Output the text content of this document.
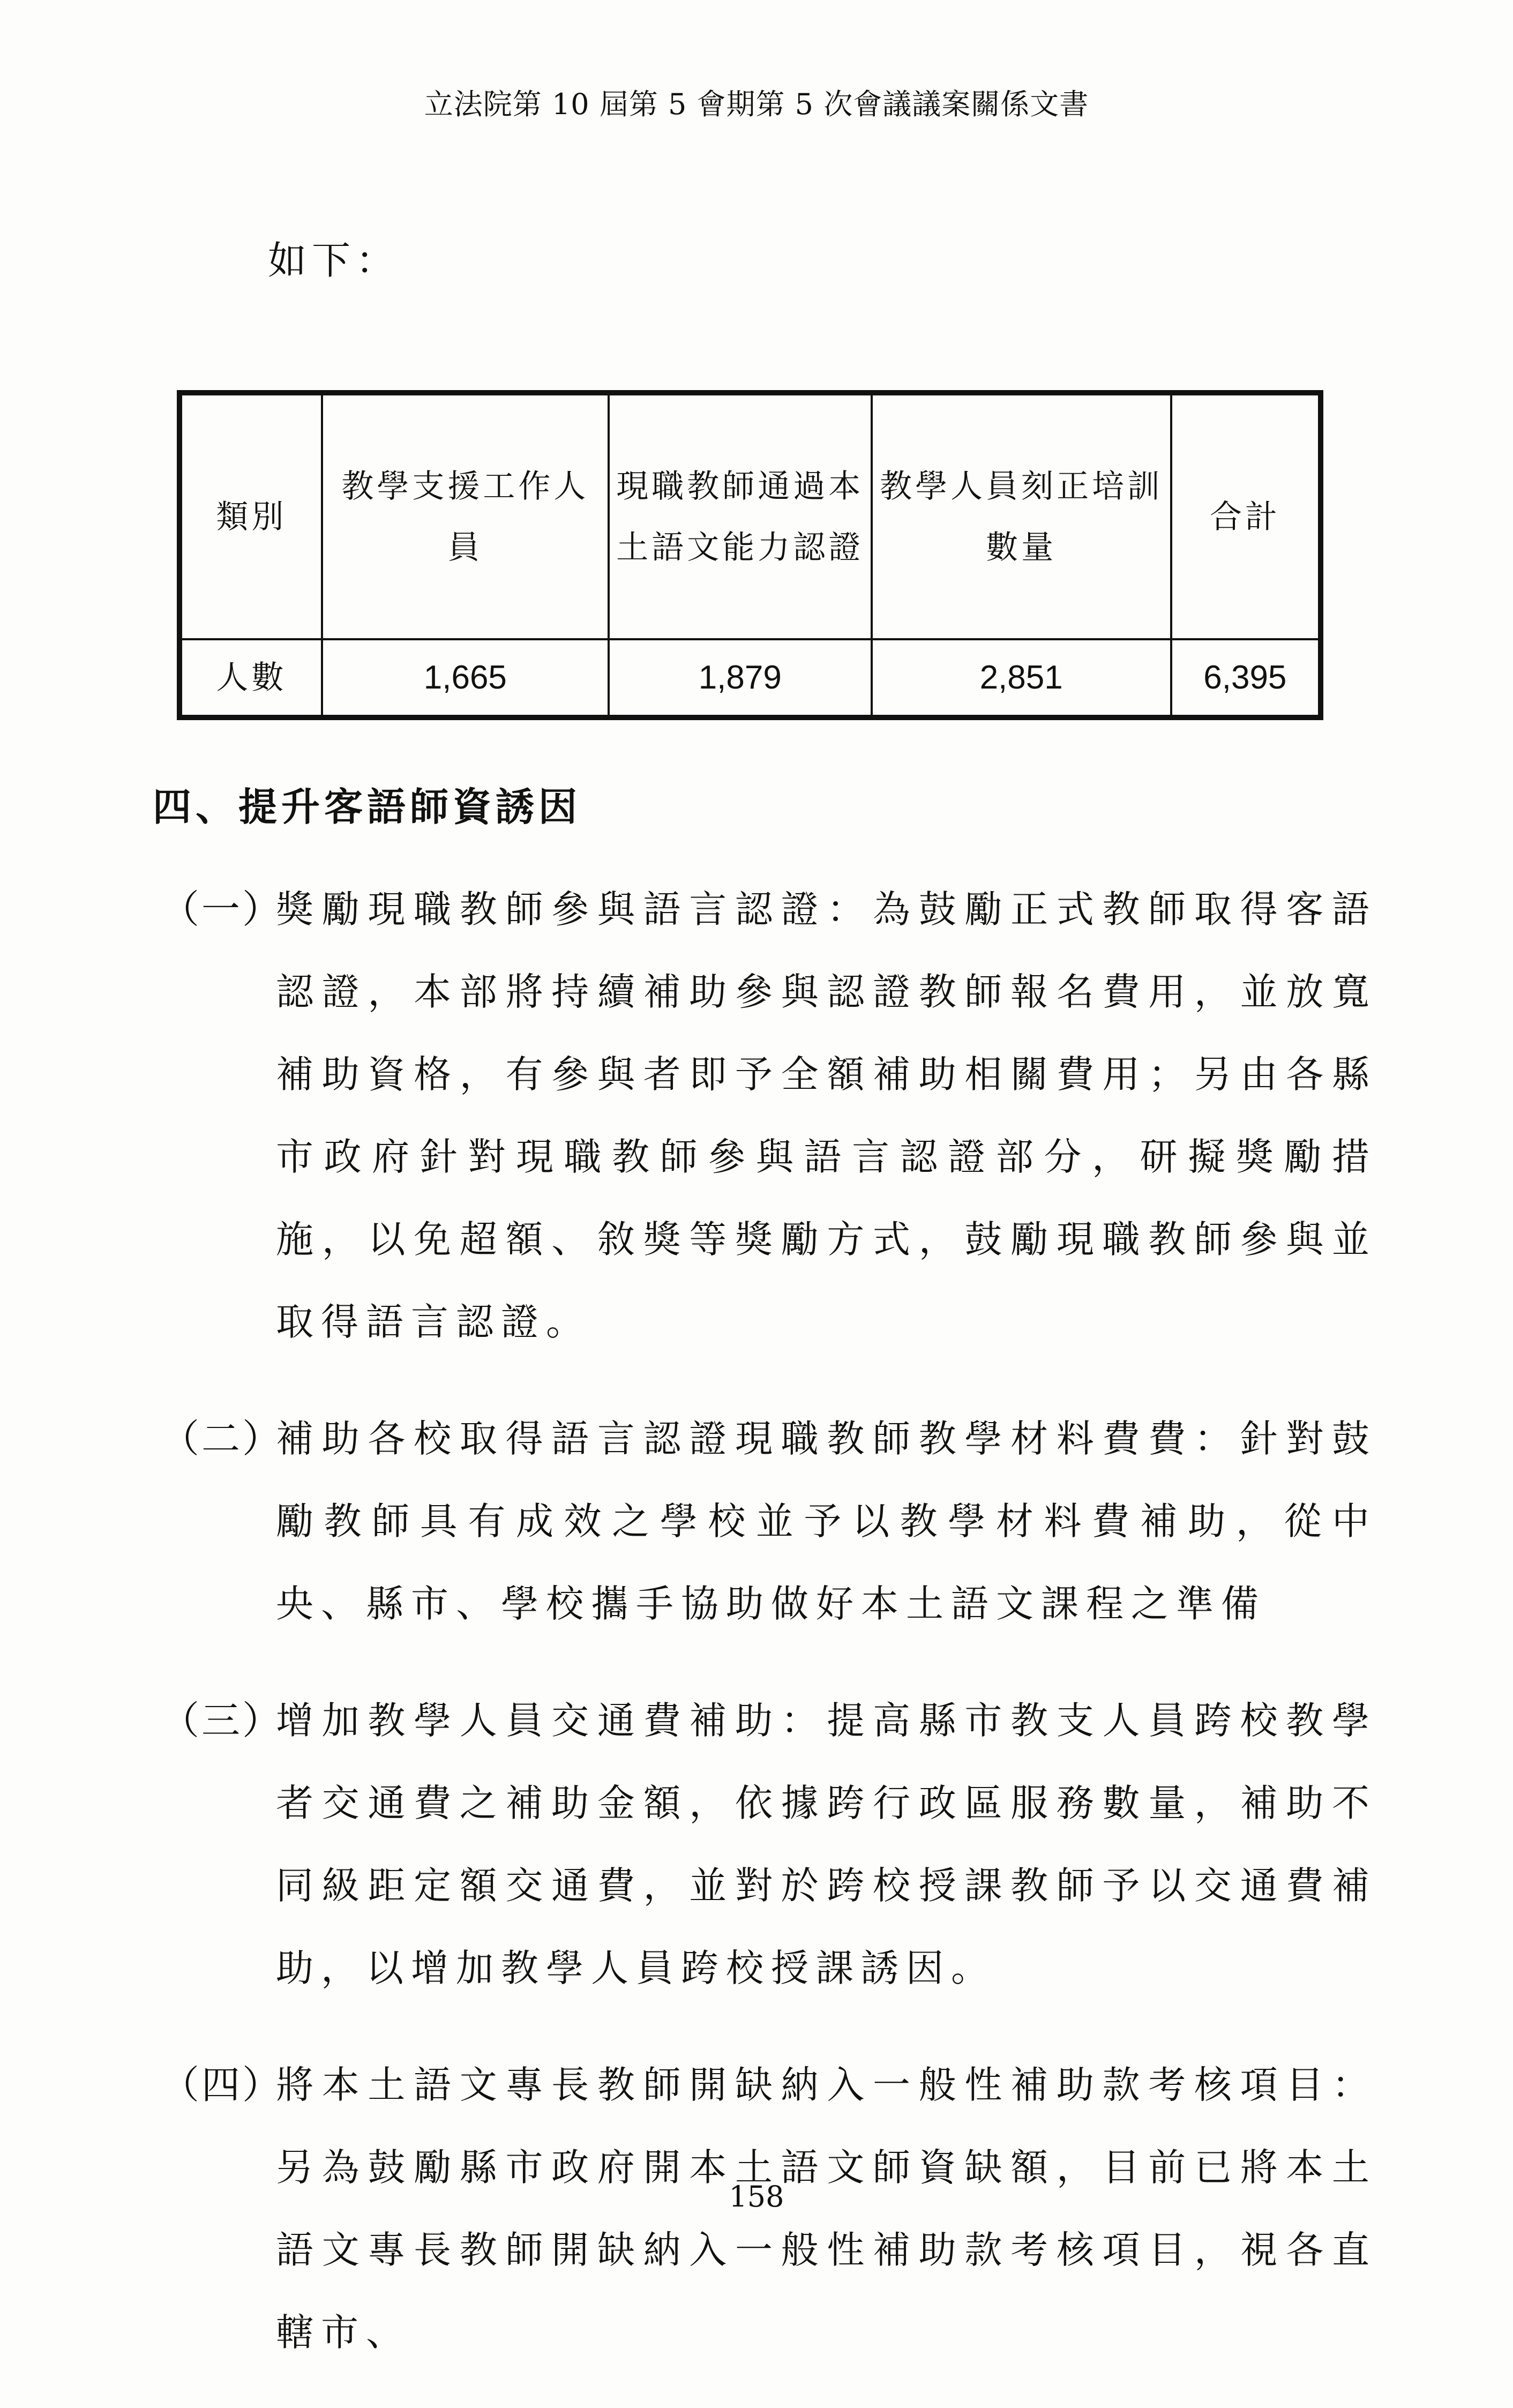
立法院第 10 屆第 5 會期第 5 次會議議案關係文書
如下：
類別	教學支援工作人員	現職教師通過本土語文能力認證	教學人員刻正培訓數量	合計
人數	1,665	1,879	2,851	6,395
四、提升客語師資誘因
（一）
獎勵現職教師參與語言認證：為鼓勵正式教師取得客語認證，本部將持續補助參與認證教師報名費用，並放寬補助資格，有參與者即予全額補助相關費用；另由各縣市政府針對現職教師參與語言認證部分，研擬獎勵措施，以免超額、敘獎等獎勵方式，鼓勵現職教師參與並取得語言認證。
（二）
補助各校取得語言認證現職教師教學材料費費：針對鼓勵教師具有成效之學校並予以教學材料費補助，從中央、縣市、學校攜手協助做好本土語文課程之準備
（三）
增加教學人員交通費補助：提高縣市教支人員跨校教學者交通費之補助金額，依據跨行政區服務數量，補助不同級距定額交通費，並對於跨校授課教師予以交通費補助，以增加教學人員跨校授課誘因。
（四）
將本土語文專長教師開缺納入一般性補助款考核項目：另為鼓勵縣市政府開本土語文師資缺額，目前已將本土語文專長教師開缺納入一般性補助款考核項目，視各直轄市、
158
